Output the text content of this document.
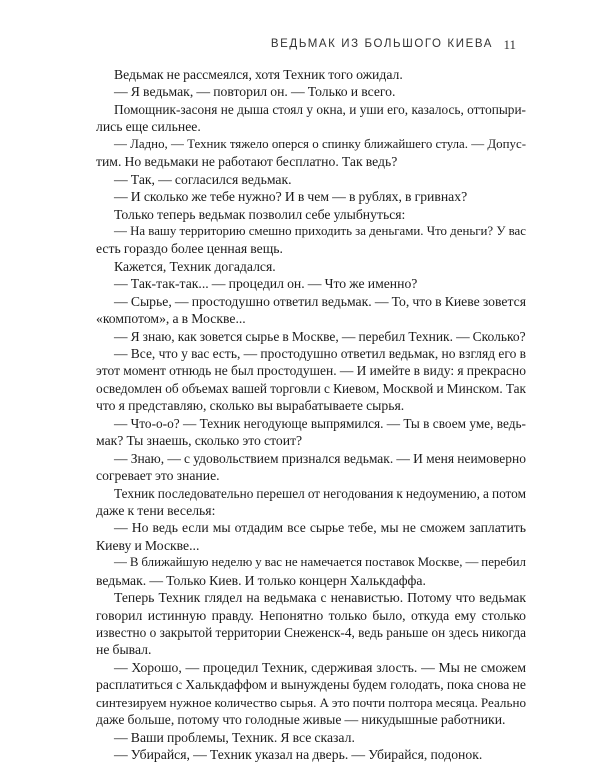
ВЕДЬМАК ИЗ БОЛЬШОГО КИЕВА 11
Ведьмак не рассмеялся, хотя Техник того ожидал.
— Я ведьмак, — повторил он. — Только и всего.
Помощник-засоня не дыша стоял у окна, и уши его, казалось, оттопыри-
лись еще сильнее.
— Ладно, — Техник тяжело оперся о спинку ближайшего стула. — Допус-
тим. Но ведьмаки не работают бесплатно. Так ведь?
— Так, — согласился ведьмак.
— И сколько же тебе нужно? И в чем — в рублях, в гривнах?
Только теперь ведьмак позволил себе улыбнуться:
— На вашу территорию смешно приходить за деньгами. Что деньги? У вас
есть гораздо более ценная вещь.
Кажется, Техник догадался.
— Так-так-так... — процедил он. — Что же именно?
— Сырье, — простодушно ответил ведьмак. — То, что в Киеве зовется
«компотом», а в Москве...
— Я знаю, как зовется сырье в Москве, — перебил Техник. — Сколько?
— Все, что у вас есть, — простодушно ответил ведьмак, но взгляд его в
этот момент отнюдь не был простодушен. — И имейте в виду: я прекрасно
осведомлен об объемах вашей торговли с Киевом, Москвой и Минском. Так
что я представляю, сколько вы вырабатываете сырья.
— Что-о-о? — Техник негодующе выпрямился. — Ты в своем уме, ведь-
мак? Ты знаешь, сколько это стоит?
— Знаю, — с удовольствием признался ведьмак. — И меня неимоверно
согревает это знание.
Техник последовательно перешел от негодования к недоумению, а потом
даже к тени веселья:
— Но ведь если мы отдадим все сырье тебе, мы не сможем заплатить
Киеву и Москве...
— В ближайшую неделю у вас не намечается поставок Москве, — перебил
ведьмак. — Только Киев. И только концерн Халькдаффа.
Теперь Техник глядел на ведьмака с ненавистью. Потому что ведьмак
говорил истинную правду. Непонятно только было, откуда ему столько
известно о закрытой территории Снеженск-4, ведь раньше он здесь никогда
не бывал.
— Хорошо, — процедил Техник, сдерживая злость. — Мы не сможем
расплатиться с Халькдаффом и вынуждены будем голодать, пока снова не
синтезируем нужное количество сырья. А это почти полтора месяца. Реально
даже больше, потому что голодные живые — никудышные работники.
— Ваши проблемы, Техник. Я все сказал.
— Убирайся, — Техник указал на дверь. — Убирайся, подонок.
